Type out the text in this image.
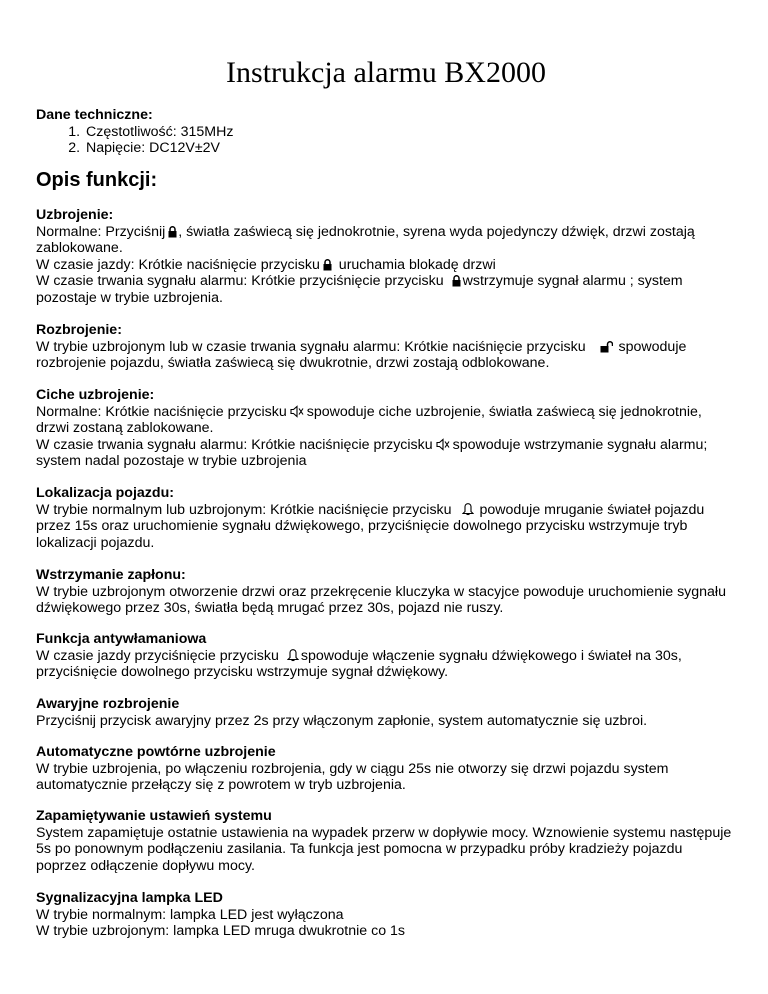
Instrukcja alarmu BX2000
Dane techniczne:
1. Częstotliwość: 315MHz
2. Napięcie: DC12V±2V
Opis funkcji:
Uzbrojenie:

Normalne: Przyciśnij , światła zaświecą się jednokrotnie, syrena wyda pojedynczy dźwięk, drzwi zostają zablokowane.

W czasie jazdy: Krótkie naciśnięcie przycisku
uruchamia blokadę drzwi

W czasie trwania sygnału alarmu: Krótkie przyciśnięcie przycisku wstrzymuje sygnał alarmu ; system pozostaje w trybie uzbrojenia.

Rozbrojenie:

W trybie uzbrojonym lub w czasie trwania sygnału alarmu: Krótkie naciśnięcie przycisku
spowoduje rozbrojenie pojazdu, światła zaświecą się dwukrotnie, drzwi zostają odblokowane.

Ciche uzbrojenie:

Normalne: Krótkie naciśnięcie przycisku spowoduje ciche uzbrojenie, światła zaświecą się jednokrotnie, drzwi zostaną zablokowane.

W czasie trwania sygnału alarmu: Krótkie naciśnięcie przycisku spowoduje wstrzymanie sygnału alarmu; system nadal pozostaje w trybie uzbrojenia

Lokalizacja pojazdu:

W trybie normalnym lub uzbrojonym: Krótkie naciśnięcie przycisku
powoduje mruganie świateł pojazdu przez 15s oraz uruchomienie sygnału dźwiękowego, przyciśnięcie dowolnego przycisku wstrzymuje tryb lokalizacji pojazdu.

Wstrzymanie zapłonu:

W trybie uzbrojonym otworzenie drzwi oraz przekręcenie kluczyka w stacyjce powoduje uruchomienie sygnału dźwiękowego przez 30s, światła będą mrugać przez 30s, pojazd nie ruszy.

Funkcja antywłamaniowa

W czasie jazdy przyciśnięcie przycisku spowoduje włączenie sygnału dźwiękowego i świateł na 30s, przyciśnięcie dowolnego przycisku wstrzymuje sygnał dźwiękowy.

Awaryjne rozbrojenie

Przyciśnij przycisk awaryjny przez 2s przy włączonym zapłonie, system automatycznie się uzbroi.

Automatyczne powtórne uzbrojenie

W trybie uzbrojenia, po włączeniu rozbrojenia, gdy w ciągu 25s nie otworzy się drzwi pojazdu system automatycznie przełączy się z powrotem w tryb uzbrojenia.

Zapamiętywanie ustawień systemu

System zapamiętuje ostatnie ustawienia na wypadek przerw w dopływie mocy. Wznowienie systemu następuje 5s po ponownym podłączeniu zasilania. Ta funkcja jest pomocna w przypadku próby kradzieży pojazdu poprzez odłączenie dopływu mocy.

Sygnalizacyjna lampka LED

W trybie normalnym: lampka LED jest wyłączona

W trybie uzbrojonym: lampka LED mruga dwukrotnie co 1s
